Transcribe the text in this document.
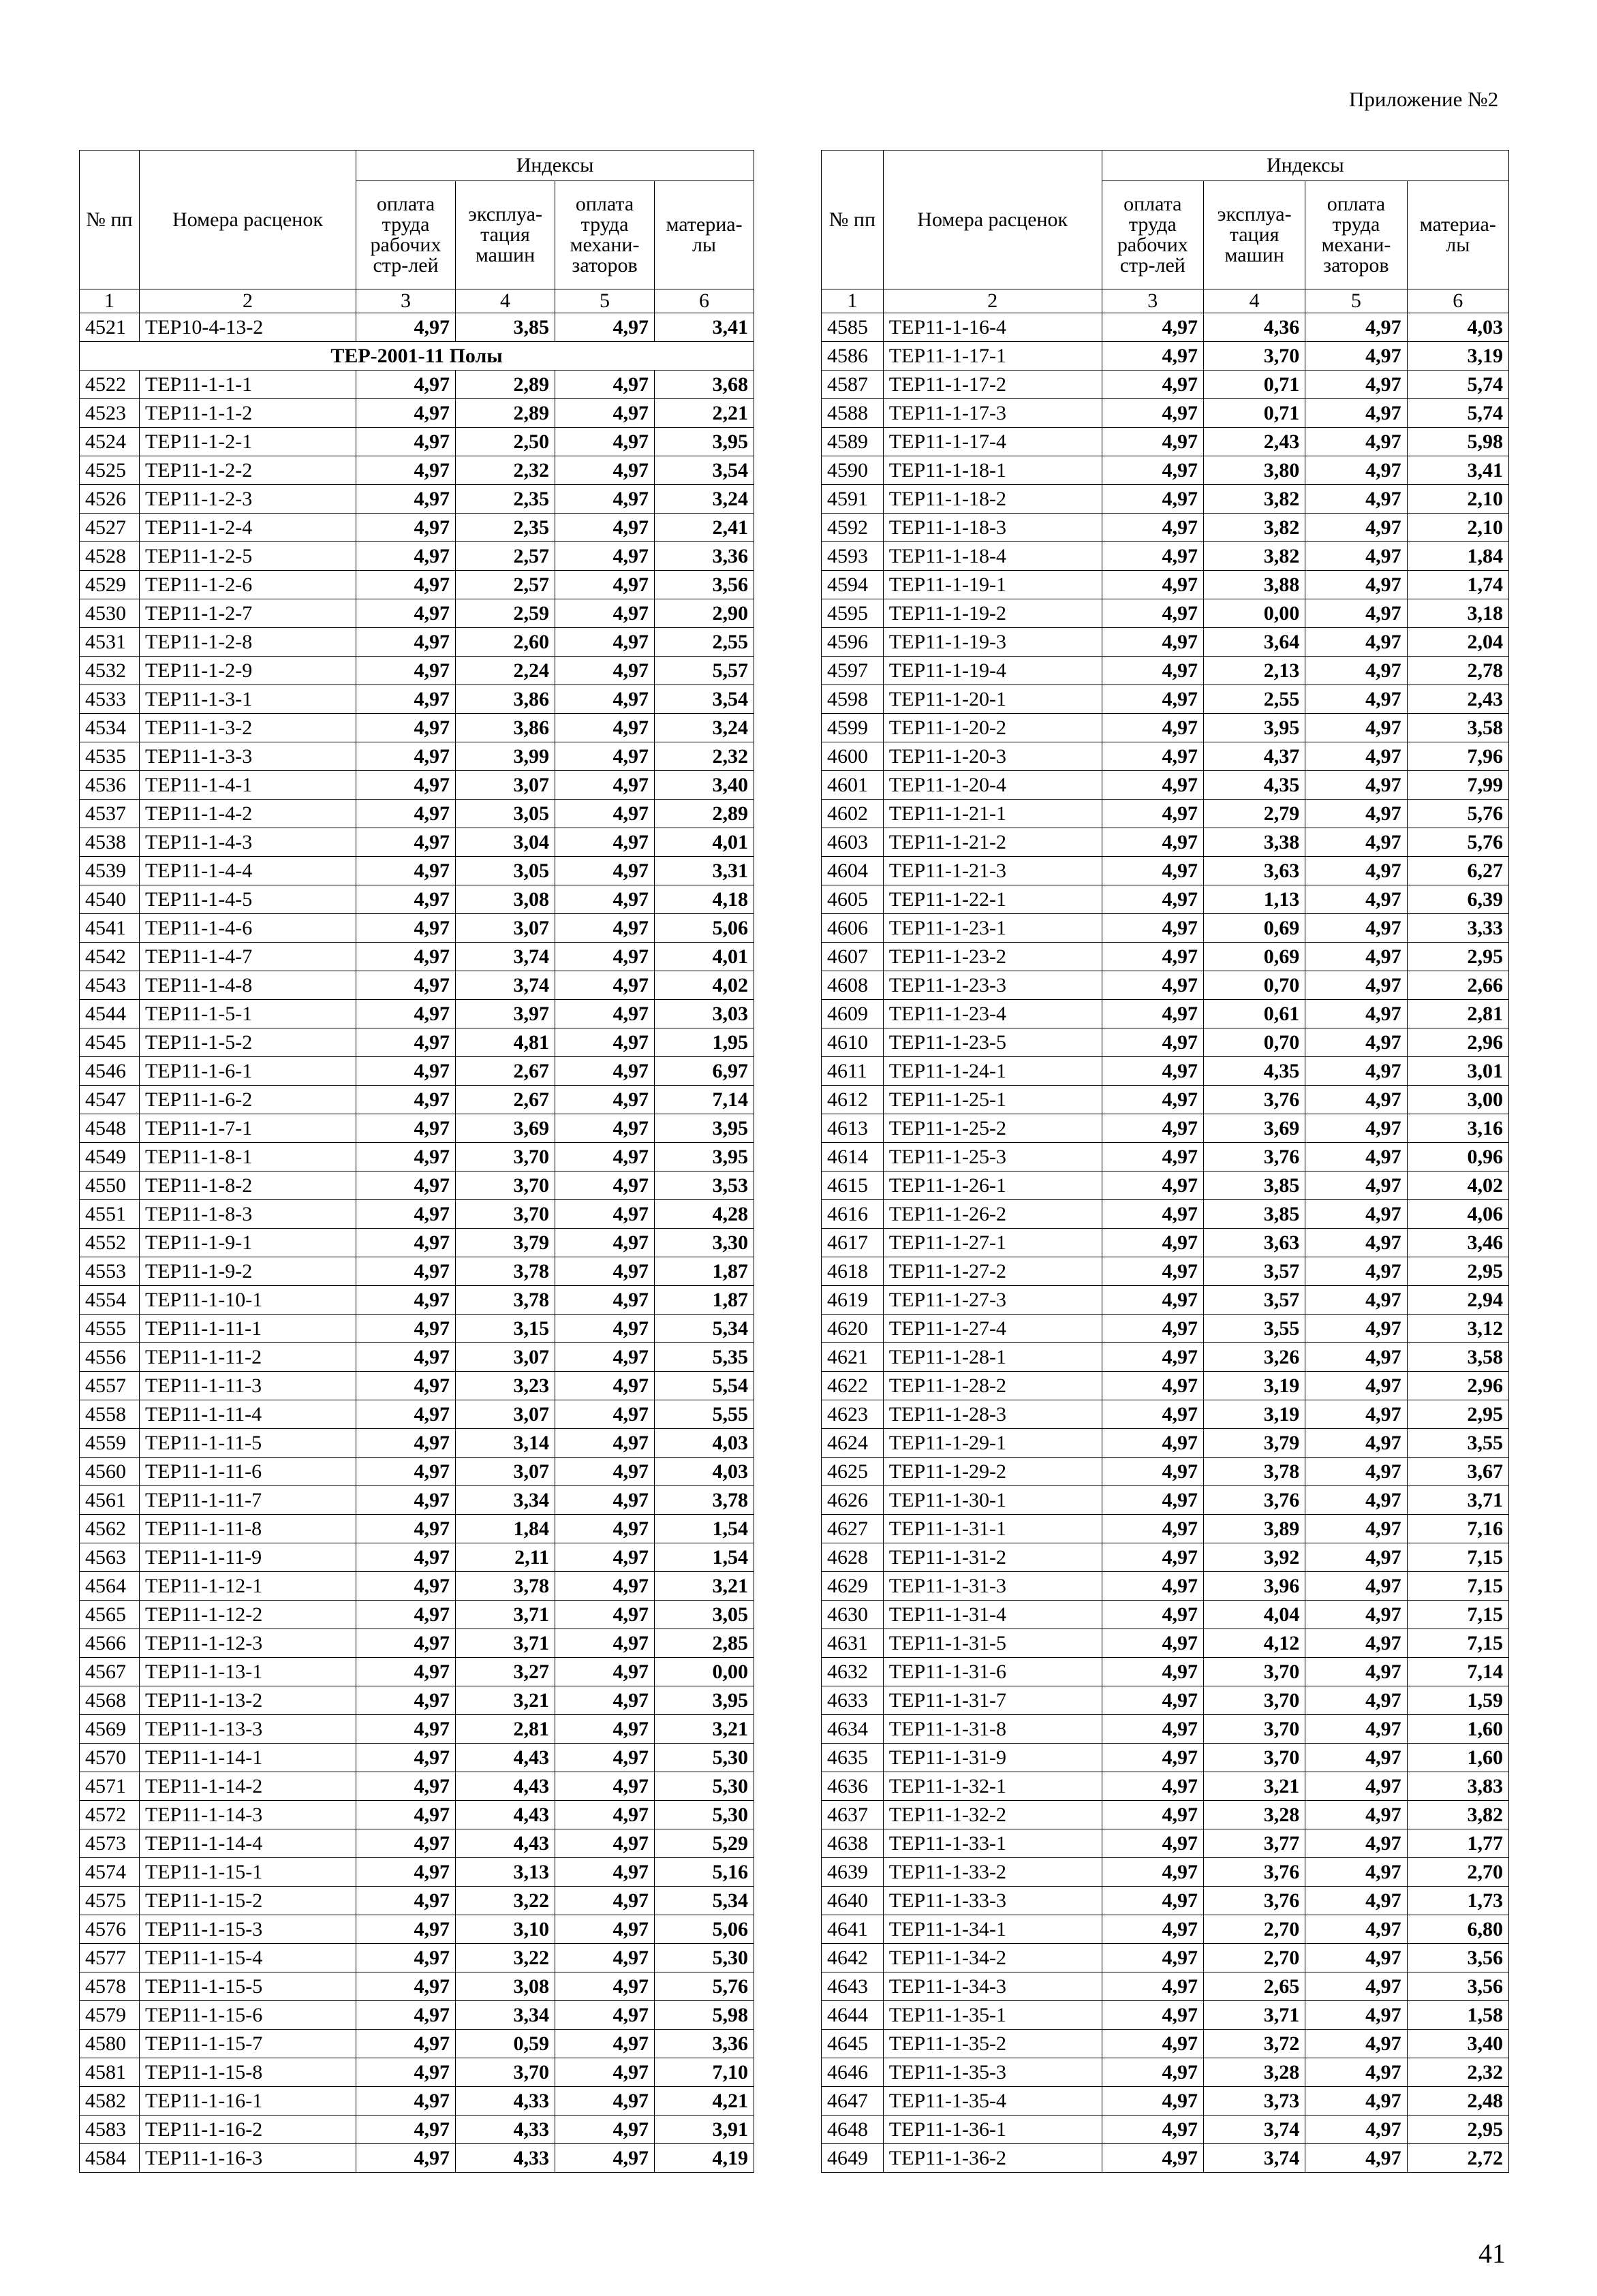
Приложение №2
№ пп	Номера расценок	Индексы			
		оплата труда рабочих стр-лей	эксплуа-тация машин	оплата труда механи-заторов	материа-лы
1	2	3	4	5	6
4521	ТЕР10-4-13-2	4,97	3,85	4,97	3,41
ТЕР-2001-11 Полы					
4522	ТЕР11-1-1-1	4,97	2,89	4,97	3,68
4523	ТЕР11-1-1-2	4,97	2,89	4,97	2,21
4524	ТЕР11-1-2-1	4,97	2,50	4,97	3,95
4525	ТЕР11-1-2-2	4,97	2,32	4,97	3,54
4526	ТЕР11-1-2-3	4,97	2,35	4,97	3,24
4527	ТЕР11-1-2-4	4,97	2,35	4,97	2,41
4528	ТЕР11-1-2-5	4,97	2,57	4,97	3,36
4529	ТЕР11-1-2-6	4,97	2,57	4,97	3,56
4530	ТЕР11-1-2-7	4,97	2,59	4,97	2,90
4531	ТЕР11-1-2-8	4,97	2,60	4,97	2,55
4532	ТЕР11-1-2-9	4,97	2,24	4,97	5,57
4533	ТЕР11-1-3-1	4,97	3,86	4,97	3,54
4534	ТЕР11-1-3-2	4,97	3,86	4,97	3,24
4535	ТЕР11-1-3-3	4,97	3,99	4,97	2,32
4536	ТЕР11-1-4-1	4,97	3,07	4,97	3,40
4537	ТЕР11-1-4-2	4,97	3,05	4,97	2,89
4538	ТЕР11-1-4-3	4,97	3,04	4,97	4,01
4539	ТЕР11-1-4-4	4,97	3,05	4,97	3,31
4540	ТЕР11-1-4-5	4,97	3,08	4,97	4,18
4541	ТЕР11-1-4-6	4,97	3,07	4,97	5,06
4542	ТЕР11-1-4-7	4,97	3,74	4,97	4,01
4543	ТЕР11-1-4-8	4,97	3,74	4,97	4,02
4544	ТЕР11-1-5-1	4,97	3,97	4,97	3,03
4545	ТЕР11-1-5-2	4,97	4,81	4,97	1,95
4546	ТЕР11-1-6-1	4,97	2,67	4,97	6,97
4547	ТЕР11-1-6-2	4,97	2,67	4,97	7,14
4548	ТЕР11-1-7-1	4,97	3,69	4,97	3,95
4549	ТЕР11-1-8-1	4,97	3,70	4,97	3,95
4550	ТЕР11-1-8-2	4,97	3,70	4,97	3,53
4551	ТЕР11-1-8-3	4,97	3,70	4,97	4,28
4552	ТЕР11-1-9-1	4,97	3,79	4,97	3,30
4553	ТЕР11-1-9-2	4,97	3,78	4,97	1,87
4554	ТЕР11-1-10-1	4,97	3,78	4,97	1,87
4555	ТЕР11-1-11-1	4,97	3,15	4,97	5,34
4556	ТЕР11-1-11-2	4,97	3,07	4,97	5,35
4557	ТЕР11-1-11-3	4,97	3,23	4,97	5,54
4558	ТЕР11-1-11-4	4,97	3,07	4,97	5,55
4559	ТЕР11-1-11-5	4,97	3,14	4,97	4,03
4560	ТЕР11-1-11-6	4,97	3,07	4,97	4,03
4561	ТЕР11-1-11-7	4,97	3,34	4,97	3,78
4562	ТЕР11-1-11-8	4,97	1,84	4,97	1,54
4563	ТЕР11-1-11-9	4,97	2,11	4,97	1,54
4564	ТЕР11-1-12-1	4,97	3,78	4,97	3,21
4565	ТЕР11-1-12-2	4,97	3,71	4,97	3,05
4566	ТЕР11-1-12-3	4,97	3,71	4,97	2,85
4567	ТЕР11-1-13-1	4,97	3,27	4,97	0,00
4568	ТЕР11-1-13-2	4,97	3,21	4,97	3,95
4569	ТЕР11-1-13-3	4,97	2,81	4,97	3,21
4570	ТЕР11-1-14-1	4,97	4,43	4,97	5,30
4571	ТЕР11-1-14-2	4,97	4,43	4,97	5,30
4572	ТЕР11-1-14-3	4,97	4,43	4,97	5,30
4573	ТЕР11-1-14-4	4,97	4,43	4,97	5,29
4574	ТЕР11-1-15-1	4,97	3,13	4,97	5,16
4575	ТЕР11-1-15-2	4,97	3,22	4,97	5,34
4576	ТЕР11-1-15-3	4,97	3,10	4,97	5,06
4577	ТЕР11-1-15-4	4,97	3,22	4,97	5,30
4578	ТЕР11-1-15-5	4,97	3,08	4,97	5,76
4579	ТЕР11-1-15-6	4,97	3,34	4,97	5,98
4580	ТЕР11-1-15-7	4,97	0,59	4,97	3,36
4581	ТЕР11-1-15-8	4,97	3,70	4,97	7,10
4582	ТЕР11-1-16-1	4,97	4,33	4,97	4,21
4583	ТЕР11-1-16-2	4,97	4,33	4,97	3,91
4584	ТЕР11-1-16-3	4,97	4,33	4,97	4,19
№ пп	Номера расценок	Индексы			
		оплата труда рабочих стр-лей	эксплуа-тация машин	оплата труда механи-заторов	материа-лы
1	2	3	4	5	6
4585	ТЕР11-1-16-4	4,97	4,36	4,97	4,03
4586	ТЕР11-1-17-1	4,97	3,70	4,97	3,19
4587	ТЕР11-1-17-2	4,97	0,71	4,97	5,74
4588	ТЕР11-1-17-3	4,97	0,71	4,97	5,74
4589	ТЕР11-1-17-4	4,97	2,43	4,97	5,98
4590	ТЕР11-1-18-1	4,97	3,80	4,97	3,41
4591	ТЕР11-1-18-2	4,97	3,82	4,97	2,10
4592	ТЕР11-1-18-3	4,97	3,82	4,97	2,10
4593	ТЕР11-1-18-4	4,97	3,82	4,97	1,84
4594	ТЕР11-1-19-1	4,97	3,88	4,97	1,74
4595	ТЕР11-1-19-2	4,97	0,00	4,97	3,18
4596	ТЕР11-1-19-3	4,97	3,64	4,97	2,04
4597	ТЕР11-1-19-4	4,97	2,13	4,97	2,78
4598	ТЕР11-1-20-1	4,97	2,55	4,97	2,43
4599	ТЕР11-1-20-2	4,97	3,95	4,97	3,58
4600	ТЕР11-1-20-3	4,97	4,37	4,97	7,96
4601	ТЕР11-1-20-4	4,97	4,35	4,97	7,99
4602	ТЕР11-1-21-1	4,97	2,79	4,97	5,76
4603	ТЕР11-1-21-2	4,97	3,38	4,97	5,76
4604	ТЕР11-1-21-3	4,97	3,63	4,97	6,27
4605	ТЕР11-1-22-1	4,97	1,13	4,97	6,39
4606	ТЕР11-1-23-1	4,97	0,69	4,97	3,33
4607	ТЕР11-1-23-2	4,97	0,69	4,97	2,95
4608	ТЕР11-1-23-3	4,97	0,70	4,97	2,66
4609	ТЕР11-1-23-4	4,97	0,61	4,97	2,81
4610	ТЕР11-1-23-5	4,97	0,70	4,97	2,96
4611	ТЕР11-1-24-1	4,97	4,35	4,97	3,01
4612	ТЕР11-1-25-1	4,97	3,76	4,97	3,00
4613	ТЕР11-1-25-2	4,97	3,69	4,97	3,16
4614	ТЕР11-1-25-3	4,97	3,76	4,97	0,96
4615	ТЕР11-1-26-1	4,97	3,85	4,97	4,02
4616	ТЕР11-1-26-2	4,97	3,85	4,97	4,06
4617	ТЕР11-1-27-1	4,97	3,63	4,97	3,46
4618	ТЕР11-1-27-2	4,97	3,57	4,97	2,95
4619	ТЕР11-1-27-3	4,97	3,57	4,97	2,94
4620	ТЕР11-1-27-4	4,97	3,55	4,97	3,12
4621	ТЕР11-1-28-1	4,97	3,26	4,97	3,58
4622	ТЕР11-1-28-2	4,97	3,19	4,97	2,96
4623	ТЕР11-1-28-3	4,97	3,19	4,97	2,95
4624	ТЕР11-1-29-1	4,97	3,79	4,97	3,55
4625	ТЕР11-1-29-2	4,97	3,78	4,97	3,67
4626	ТЕР11-1-30-1	4,97	3,76	4,97	3,71
4627	ТЕР11-1-31-1	4,97	3,89	4,97	7,16
4628	ТЕР11-1-31-2	4,97	3,92	4,97	7,15
4629	ТЕР11-1-31-3	4,97	3,96	4,97	7,15
4630	ТЕР11-1-31-4	4,97	4,04	4,97	7,15
4631	ТЕР11-1-31-5	4,97	4,12	4,97	7,15
4632	ТЕР11-1-31-6	4,97	3,70	4,97	7,14
4633	ТЕР11-1-31-7	4,97	3,70	4,97	1,59
4634	ТЕР11-1-31-8	4,97	3,70	4,97	1,60
4635	ТЕР11-1-31-9	4,97	3,70	4,97	1,60
4636	ТЕР11-1-32-1	4,97	3,21	4,97	3,83
4637	ТЕР11-1-32-2	4,97	3,28	4,97	3,82
4638	ТЕР11-1-33-1	4,97	3,77	4,97	1,77
4639	ТЕР11-1-33-2	4,97	3,76	4,97	2,70
4640	ТЕР11-1-33-3	4,97	3,76	4,97	1,73
4641	ТЕР11-1-34-1	4,97	2,70	4,97	6,80
4642	ТЕР11-1-34-2	4,97	2,70	4,97	3,56
4643	ТЕР11-1-34-3	4,97	2,65	4,97	3,56
4644	ТЕР11-1-35-1	4,97	3,71	4,97	1,58
4645	ТЕР11-1-35-2	4,97	3,72	4,97	3,40
4646	ТЕР11-1-35-3	4,97	3,28	4,97	2,32
4647	ТЕР11-1-35-4	4,97	3,73	4,97	2,48
4648	ТЕР11-1-36-1	4,97	3,74	4,97	2,95
4649	ТЕР11-1-36-2	4,97	3,74	4,97	2,72
41
